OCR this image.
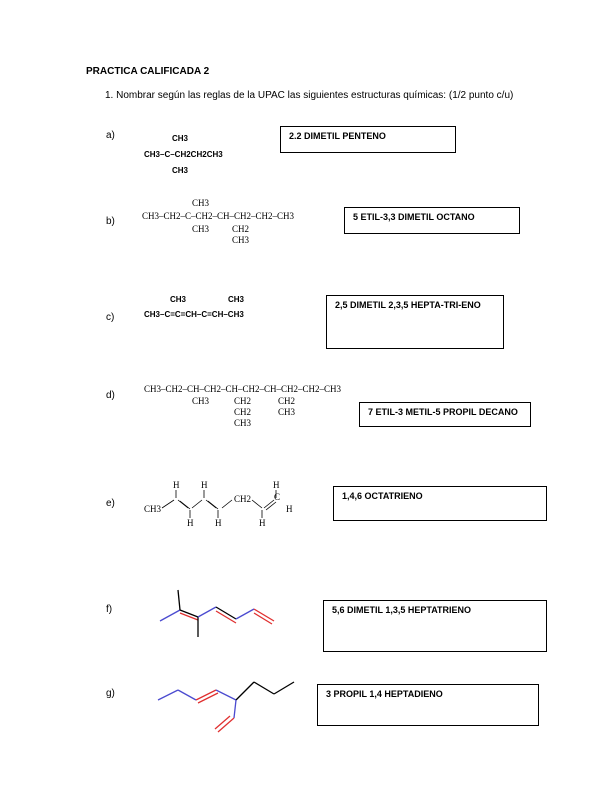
PRACTICA CALIFICADA 2
1. Nombrar según las reglas de la UPAC las siguientes estructuras químicas: (1/2 punto c/u)
a)	CH3
CH3–C–CH2CH2CH3
CH3
2.2 DIMETIL PENTENO
b)
CH3
CH3–CH2–C–CH2–CH–CH2–CH2–CH3
CH3	CH2
CH3
5 ETIL-3,3 DIMETIL OCTANO
c)
CH3	CH3
CH3–C=C=CH–C=CH–CH3
2,5 DIMETIL 2,3,5 HEPTA-TRI-ENO
d)
CH3–CH2–CH–CH2–CH–CH2–CH–CH2–CH2–CH3
CH3	CH2
CH2
CH3
CH2
CH3	7 ETIL-3 METIL-5 PROPIL DECANO
e)	CH3
CH2
H H	H
H H	H
H
C	1,4,6 OCTATRIENO
f)	5,6 DIMETIL 1,3,5 HEPTATRIENO
g)	3 PROPIL 1,4 HEPTADIENO
